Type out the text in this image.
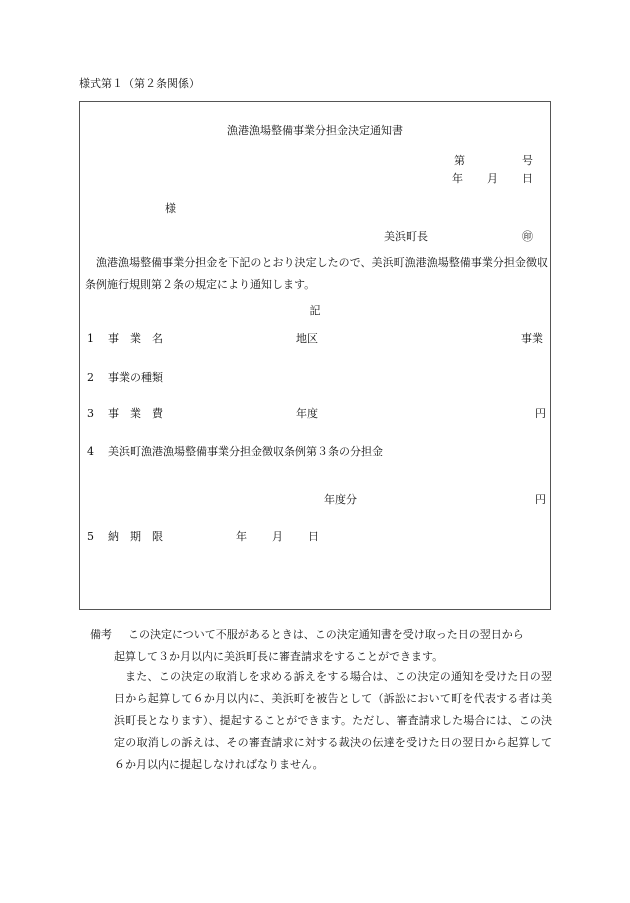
様式第１（第２条関係）
漁港漁場整備事業分担金決定通知書
第	号
年 月 日
様
美浜町長	㊞
漁港漁場整備事業分担金を下記のとおり決定したので、美浜町漁港漁場整備事業分担金徴収条例施行規則第２条の規定により通知します。
記
1 事　業　名	地区	事業
2 事業の種類
3 事　業　費	年度	円
4 美浜町漁港漁場整備事業分担金徴収条例第３条の分担金
年度分	円
5 納　期　限	年 月 日
備考 この決定について不服があるときは、この決定通知書を受け取った日の翌日から
起算して３か月以内に美浜町長に審査請求をすることができます。
また、この決定の取消しを求める訴えをする場合は、この決定の通知を受けた日の翌日から起算して６か月以内に、美浜町を被告として（訴訟において町を代表する者は美浜町長となります）、提起することができます。ただし、審査請求した場合には、この決定の取消しの訴えは、その審査請求に対する裁決の伝達を受けた日の翌日から起算して６か月以内に提起しなければなりません。
